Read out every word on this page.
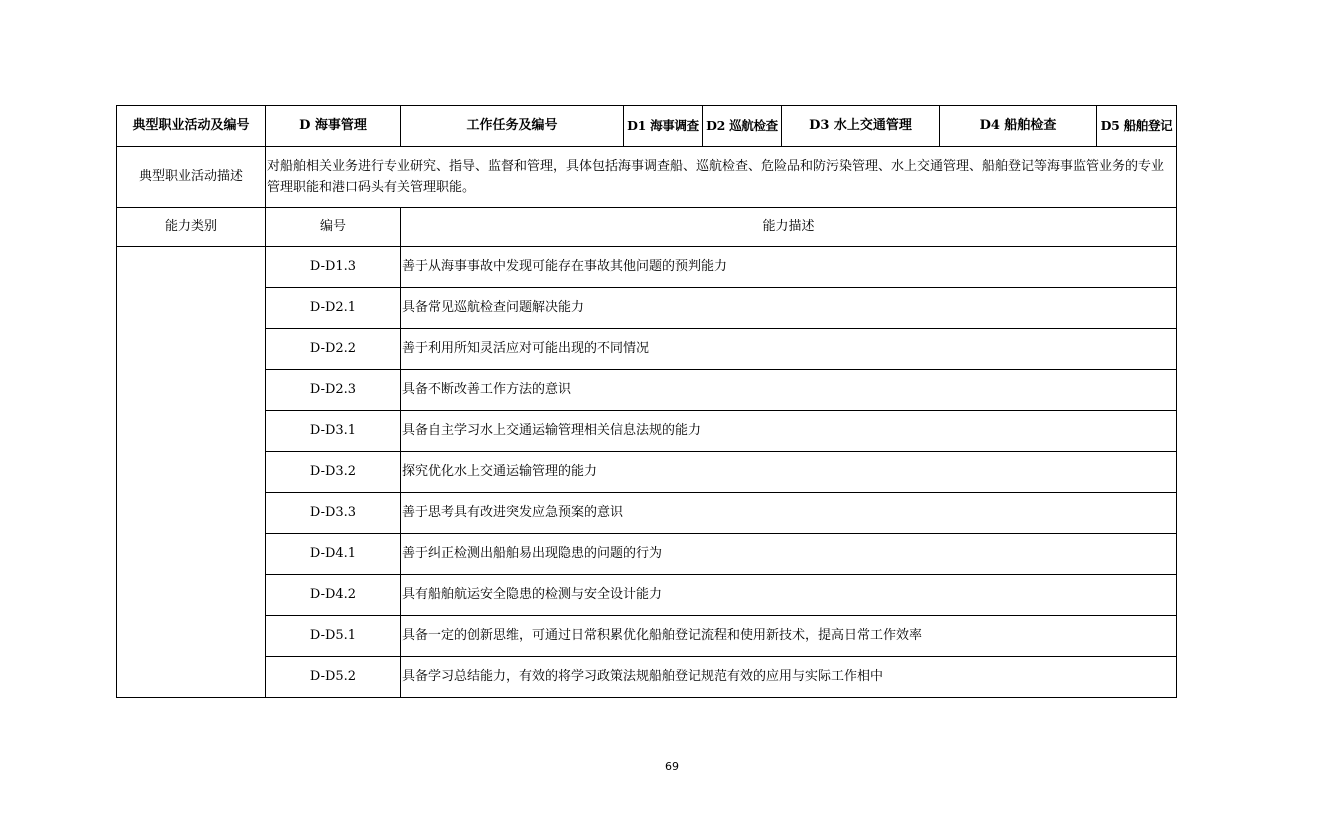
典型职业活动及编号	D 海事管理	工作任务及编号	D1 海事调查	D2 巡航检查	D3 水上交通管理	D4 船舶检查	D5 船舶登记
典型职业活动描述	对船舶相关业务进行专业研究、指导、监督和管理，具体包括海事调查船、巡航检查、危险品和防污染管理、水上交通管理、船舶登记等海事监管业务的专业管理职能和港口码头有关管理职能。						
能力类别	编号	能力描述					
	D-D1.3	善于从海事事故中发现可能存在事故其他问题的预判能力					
	D-D2.1	具备常见巡航检查问题解决能力					
	D-D2.2	善于利用所知灵活应对可能出现的不同情况					
	D-D2.3	具备不断改善工作方法的意识					
	D-D3.1	具备自主学习水上交通运输管理相关信息法规的能力					
	D-D3.2	探究优化水上交通运输管理的能力					
	D-D3.3	善于思考具有改进突发应急预案的意识					
	D-D4.1	善于纠正检测出船舶易出现隐患的问题的行为					
	D-D4.2	具有船舶航运安全隐患的检测与安全设计能力					
	D-D5.1	具备一定的创新思维，可通过日常积累优化船舶登记流程和使用新技术，提高日常工作效率					
	D-D5.2	具备学习总结能力，有效的将学习政策法规船舶登记规范有效的应用与实际工作相中					
69
